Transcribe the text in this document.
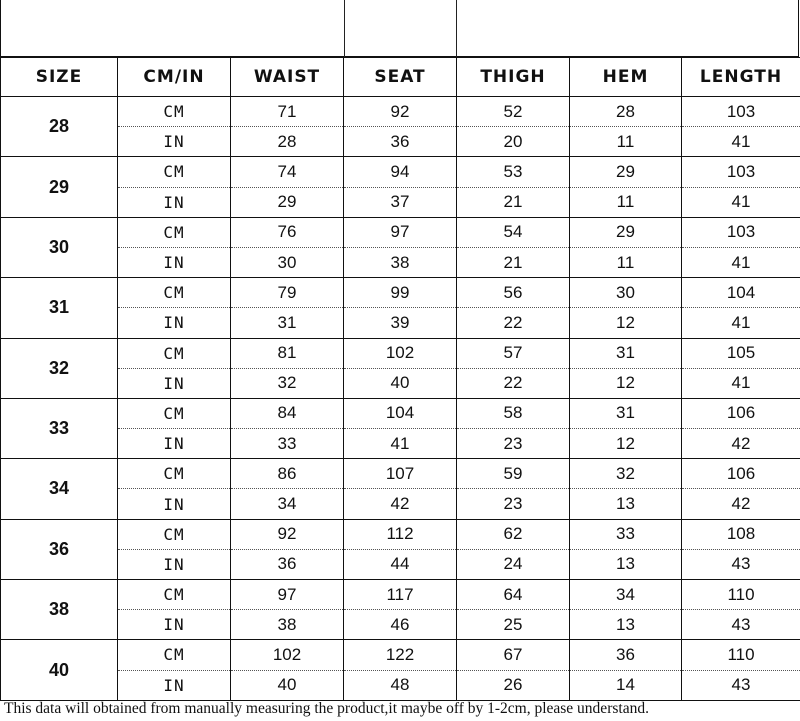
SIZE	CM/IN	WAIST	SEAT	THIGH	HEM	LENGTH
28	CM	71	92	52	28	103
	IN	28	36	20	11	41
29	CM	74	94	53	29	103
	IN	29	37	21	11	41
30	CM	76	97	54	29	103
	IN	30	38	21	11	41
31	CM	79	99	56	30	104
	IN	31	39	22	12	41
32	CM	81	102	57	31	105
	IN	32	40	22	12	41
33	CM	84	104	58	31	106
	IN	33	41	23	12	42
34	CM	86	107	59	32	106
	IN	34	42	23	13	42
36	CM	92	112	62	33	108
	IN	36	44	24	13	43
38	CM	97	117	64	34	110
	IN	38	46	25	13	43
40	CM	102	122	67	36	110
	IN	40	48	26	14	43
This data will obtained from manually measuring the product,it maybe off by 1-2cm, please understand.
